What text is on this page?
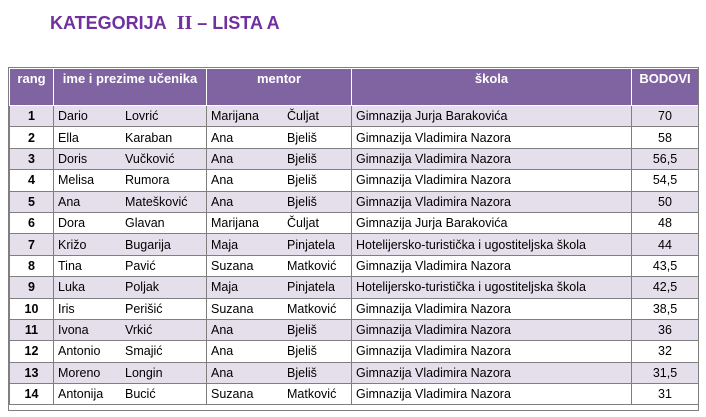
KATEGORIJA II – LISTA A
rang	ime i prezime učenika	mentor	škola	BODOVI
1	Dario Lovrić	Marijana Čuljat	Gimnazija Jurja Barakovića	70
2	Ella Karaban	Ana Bjeliš	Gimnazija Vladimira Nazora	58
3	Doris Vučković	Ana Bjeliš	Gimnazija Vladimira Nazora	56,5
4	Melisa Rumora	Ana Bjeliš	Gimnazija Vladimira Nazora	54,5
5	Ana Matešković	Ana Bjeliš	Gimnazija Vladimira Nazora	50
6	Dora Glavan	Marijana Čuljat	Gimnazija Jurja Barakovića	48
7	Križo Bugarija	Maja Pinjatela	Hotelijersko-turistička i ugostiteljska škola	44
8	Tina Pavić	Suzana Matković	Gimnazija Vladimira Nazora	43,5
9	Luka Poljak	Maja Pinjatela	Hotelijersko-turistička i ugostiteljska škola	42,5
10	Iris Perišić	Suzana Matković	Gimnazija Vladimira Nazora	38,5
11	Ivona Vrkić	Ana Bjeliš	Gimnazija Vladimira Nazora	36
12	Antonio Smajić	Ana Bjeliš	Gimnazija Vladimira Nazora	32
13	Moreno Longin	Ana Bjeliš	Gimnazija Vladimira Nazora	31,5
14	Antonija Bucić	Suzana Matković	Gimnazija Vladimira Nazora	31
